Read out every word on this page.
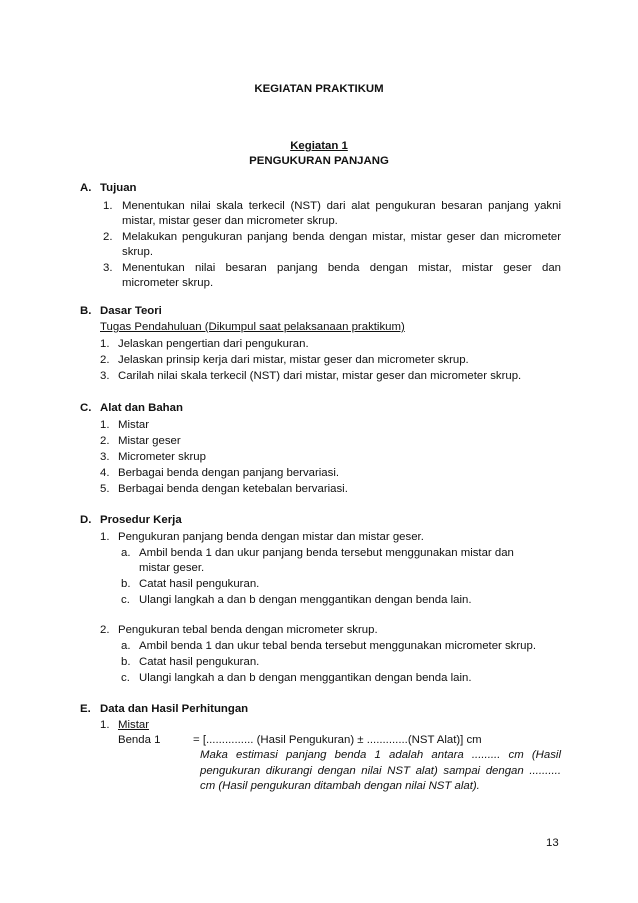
KEGIATAN PRAKTIKUM
Kegiatan 1
PENGUKURAN PANJANG
A. Tujuan
1. Menentukan nilai skala terkecil (NST) dari alat pengukuran besaran panjang yakni
mistar, mistar geser dan micrometer skrup.
2. Melakukan pengukuran panjang benda dengan mistar, mistar geser dan micrometer
skrup.
3. Menentukan nilai besaran panjang benda dengan mistar, mistar geser dan
micrometer skrup.
B. Dasar Teori
Tugas Pendahuluan (Dikumpul saat pelaksanaan praktikum)
1. Jelaskan pengertian dari pengukuran.
2. Jelaskan prinsip kerja dari mistar, mistar geser dan micrometer skrup.
3. Carilah nilai skala terkecil (NST) dari mistar, mistar geser dan micrometer skrup.
C. Alat dan Bahan
1. Mistar
2. Mistar geser
3. Micrometer skrup
4. Berbagai benda dengan panjang bervariasi.
5. Berbagai benda dengan ketebalan bervariasi.
D. Prosedur Kerja
1. Pengukuran panjang benda dengan mistar dan mistar geser.
a. Ambil benda 1 dan ukur panjang benda tersebut menggunakan mistar dan
mistar geser.
b. Catat hasil pengukuran.
c. Ulangi langkah a dan b dengan menggantikan dengan benda lain.
2. Pengukuran tebal benda dengan micrometer skrup.
a. Ambil benda 1 dan ukur tebal benda tersebut menggunakan micrometer skrup.
b. Catat hasil pengukuran.
c. Ulangi langkah a dan b dengan menggantikan dengan benda lain.
E. Data dan Hasil Perhitungan
1. Mistar
Benda 1	= [............... (Hasil Pengukuran) ± .............(NST Alat)] cm
Maka estimasi panjang benda 1 adalah antara ......... cm (Hasil
pengukuran dikurangi dengan nilai NST alat) sampai dengan ..........
cm (Hasil pengukuran ditambah dengan nilai NST alat).
13
